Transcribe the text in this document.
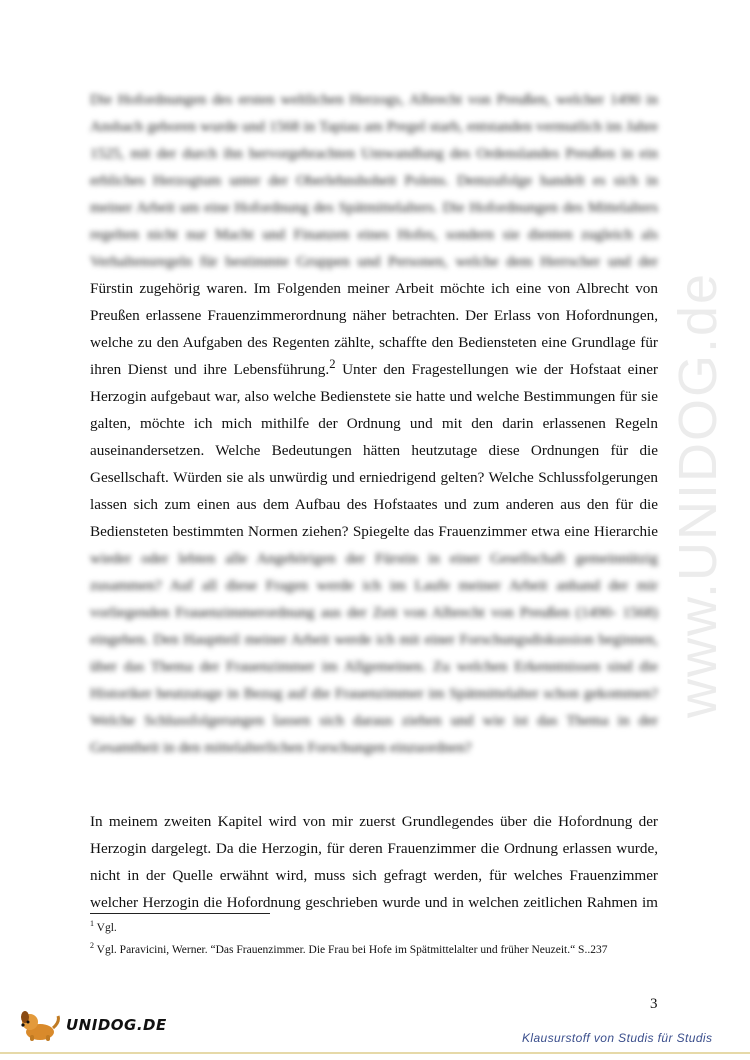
www.UNIDOG.de
Die Hofordnungen des ersten weltlichen Herzogs, Albrecht von Preußen, welcher 1490 in
Ansbach geboren wurde und 1568 in Tapiau am Pregel starb, entstanden vermutlich im Jahre
1525, mit der durch ihn hervorgebrachten Umwandlung des Ordenslandes Preußen in ein
erbliches Herzogtum unter der Oberlehnshoheit Polens. Demzufolge handelt es sich in
meiner Arbeit um eine Hofordnung des Spätmittelalters. Die Hofordnungen des Mittelalters
regelten nicht nur Macht und Finanzen eines Hofes, sondern sie dienten zugleich als
Verhaltensregeln für bestimmte Gruppen und Personen, welche dem Herrscher und der
Fürstin zugehörig waren. Im Folgenden meiner Arbeit möchte ich eine von Albrecht von
Preußen erlassene Frauenzimmerordnung näher betrachten. Der Erlass von Hofordnungen,
welche zu den Aufgaben des Regenten zählte, schaffte den Bediensteten eine Grundlage für
ihren Dienst und ihre Lebensführung.$^2$ Unter den Fragestellungen wie der Hofstaat einer
Herzogin aufgebaut war, also welche Bedienstete sie hatte und welche Bestimmungen für sie
galten, möchte ich mich mithilfe der Ordnung und mit den darin erlassenen Regeln
auseinandersetzen. Welche Bedeutungen hätten heutzutage diese Ordnungen für die
Gesellschaft. Würden sie als unwürdig und erniedrigend gelten? Welche Schlussfolgerungen
lassen sich zum einen aus dem Aufbau des Hofstaates und zum anderen aus den für die
Bediensteten bestimmten Normen ziehen? Spiegelte das Frauenzimmer etwa eine Hierarchie
wieder oder lebten alle Angehörigen der Fürstin in einer Gesellschaft gemeinnützig
zusammen? Auf all diese Fragen werde ich im Laufe meiner Arbeit anhand der mir
vorliegenden Frauenzimmerordnung aus der Zeit von Albrecht von Preußen (1490- 1568)
eingehen. Den Hauptteil meiner Arbeit werde ich mit einer Forschungsdiskussion beginnen,
über das Thema der Frauenzimmer im Allgemeinen. Zu welchen Erkenntnissen sind die
Historiker heutzutage in Bezug auf die Frauenzimmer im Spätmittelalter schon gekommen?
Welche Schlussfolgerungen lassen sich daraus ziehen und wie ist das Thema in der
Gesamtheit in den mittelalterlichen Forschungen einzuordnen?
In meinem zweiten Kapitel wird von mir zuerst Grundlegendes über die Hofordnung der
Herzogin dargelegt. Da die Herzogin, für deren Frauenzimmer die Ordnung erlassen wurde,
nicht in der Quelle erwähnt wird, muss sich gefragt werden, für welches Frauenzimmer
welcher Herzogin die Hofordnung geschrieben wurde und in welchen zeitlichen Rahmen im
$^1$ Vgl.
$^2$ Vgl. Paravicini, Werner. “Das Frauenzimmer. Die Frau bei Hofe im Spätmittelalter und früher Neuzeit.“ S..237
3
UNIDOG.DE
Klausurstoff von Studis für Studis
